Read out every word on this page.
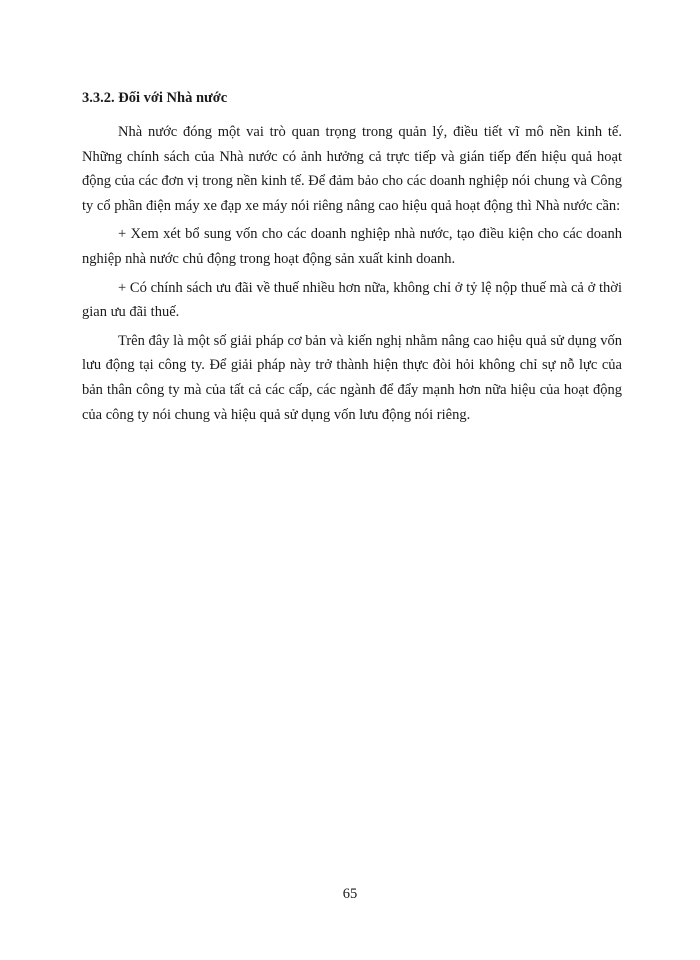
3.3.2. Đối với Nhà nước

Nhà nước đóng một vai trò quan trọng trong quản lý, điều tiết vĩ mô nền kinh tế. Những chính sách của Nhà nước có ảnh hưởng cả trực tiếp và gián tiếp đến hiệu quả hoạt động của các đơn vị trong nền kinh tế. Để đảm bảo cho các doanh nghiệp nói chung và Công ty cổ phần điện máy xe đạp xe máy nói riêng nâng cao hiệu quả hoạt động thì Nhà nước cần:

+ Xem xét bổ sung vốn cho các doanh nghiệp nhà nước, tạo điều kiện cho các doanh nghiệp nhà nước chủ động trong hoạt động sản xuất kinh doanh.

+ Có chính sách ưu đãi về thuế nhiều hơn nữa, không chỉ ở tỷ lệ nộp thuế mà cả ở thời gian ưu đãi thuế.

Trên đây là một số giải pháp cơ bản và kiến nghị nhằm nâng cao hiệu quả sử dụng vốn lưu động tại công ty. Để giải pháp này trở thành hiện thực đòi hỏi không chỉ sự nỗ lực của bản thân công ty mà của tất cả các cấp, các ngành để đẩy mạnh hơn nữa hiệu của hoạt động của công ty nói chung và hiệu quả sử dụng vốn lưu động nói riêng.

65
